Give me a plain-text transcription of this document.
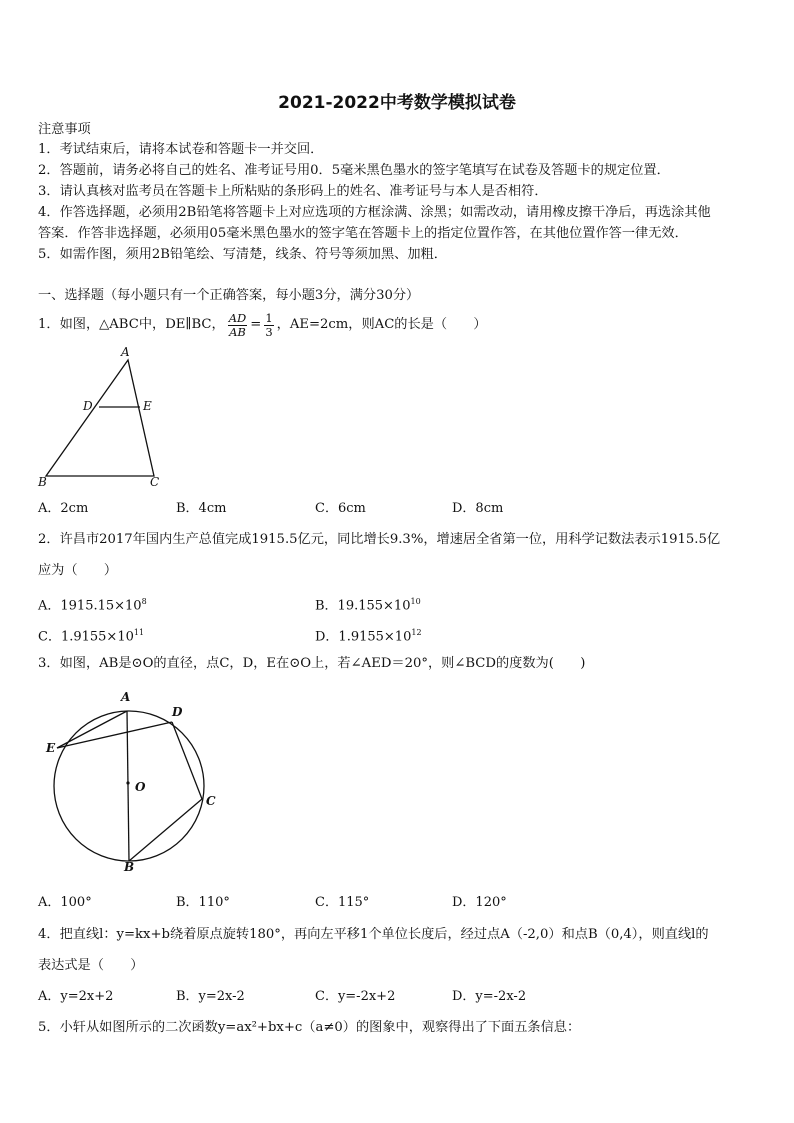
2021-2022中考数学模拟试卷
注意事项
1．考试结束后，请将本试卷和答题卡一并交回．
2．答题前，请务必将自己的姓名、准考证号用0．5毫米黑色墨水的签字笔填写在试卷及答题卡的规定位置．
3．请认真核对监考员在答题卡上所粘贴的条形码上的姓名、准考证号与本人是否相符．
4．作答选择题，必须用2B铅笔将答题卡上对应选项的方框涂满、涂黑；如需改动，请用橡皮擦干净后，再选涂其他
答案．作答非选择题，必须用05毫米黑色墨水的签字笔在答题卡上的指定位置作答，在其他位置作答一律无效．
5．如需作图，须用2B铅笔绘、写清楚，线条、符号等须加黑、加粗．
一、选择题（每小题只有一个正确答案，每小题3分，满分30分）
1．如图，△ABC中，DE∥BC， $\frac{AD}{AB} = \frac{1}{3}$ ，AE=2cm，则AC的长是（　　）
A
D	E
B	C
A．2cm	B．4cm	C．6cm	D．8cm
2．许昌市2017年国内生产总值完成1915.5亿元，同比增长9.3%，增速居全省第一位，用科学记数法表示1915.5亿
应为（　　）
A．$1915.15\times 10^8$	B．$19.155\times 10^{10}$
C．$1.9155\times 10^{11}$	D．$1.9155\times 10^{12}$
3．如图，AB是⊙O的直径，点C，D，E在⊙O上，若∠AED＝20°，则∠BCD的度数为(　　)
A
D
E
O
C
B
A．100°	B．110°	C．115°	D．120°
4．把直线l：y=kx+b绕着原点旋转180°，再向左平移1个单位长度后，经过点A（-2,0）和点B（0,4），则直线l的
表达式是（　　）
A．y=2x+2	B．y=2x-2	C．y=-2x+2	D．y=-2x-2
5．小轩从如图所示的二次函数y=ax²+bx+c（a≠0）的图象中，观察得出了下面五条信息：
